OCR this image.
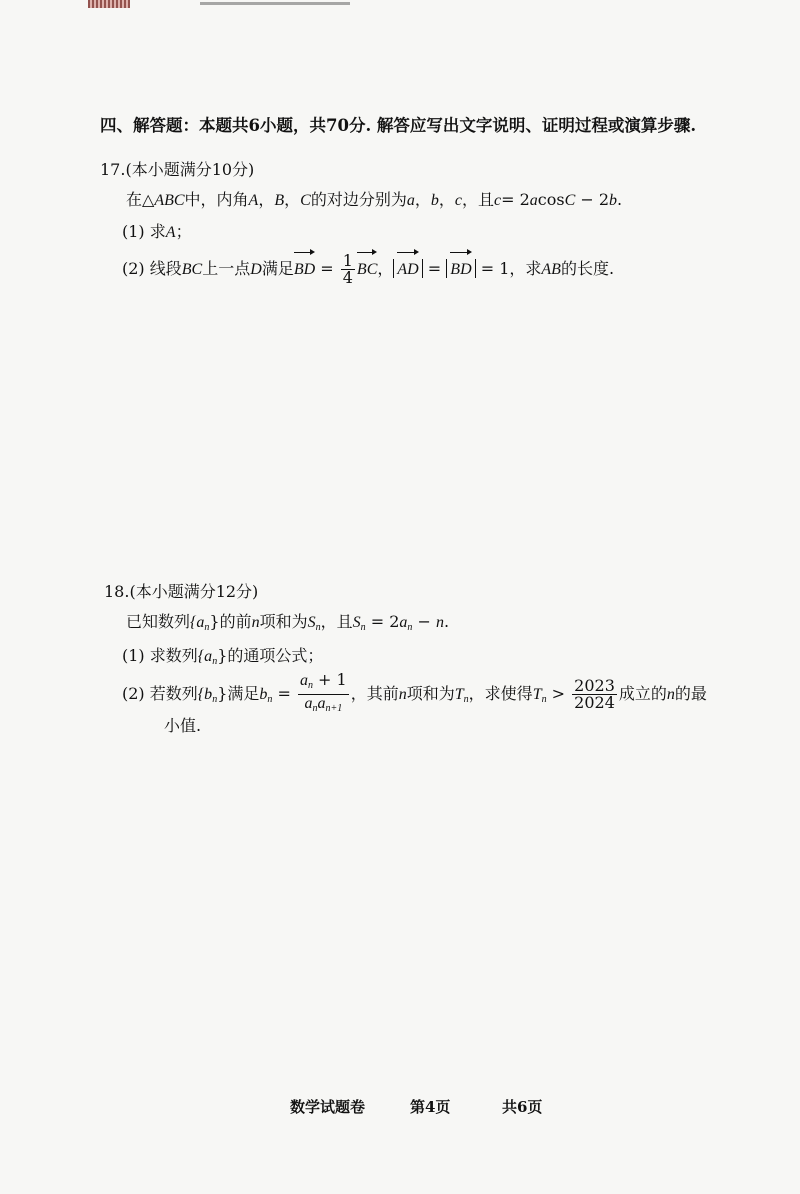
四、解答题：本题共6小题，共70分. 解答应写出文字说明、证明过程或演算步骤.
17.(本小题满分10分)
在△ABC中，内角A，B，C的对边分别为a，b，c，且c= 2acosC − 2b.
(1) 求A；
(2) 线段BC上一点D满足BD = $\frac{1}{4}$ BC， AD = BD = 1，求AB的长度.
18.(本小题满分12分)
已知数列$\{a_n\}$的前n项和为$S_n$，且$S_n = 2a_n - n$.
(1) 求数列$\{a_n\}$的通项公式；
(2) 若数列$\{b_n\}$满足$b_n = \frac{a_n + 1}{a_na_{n+1}}$ ，其前n项和为$T_n$，求使得$T_n > \frac{2023}{2024}$ 成立的n的最
小值.
数学试题卷	第4页	共6页
